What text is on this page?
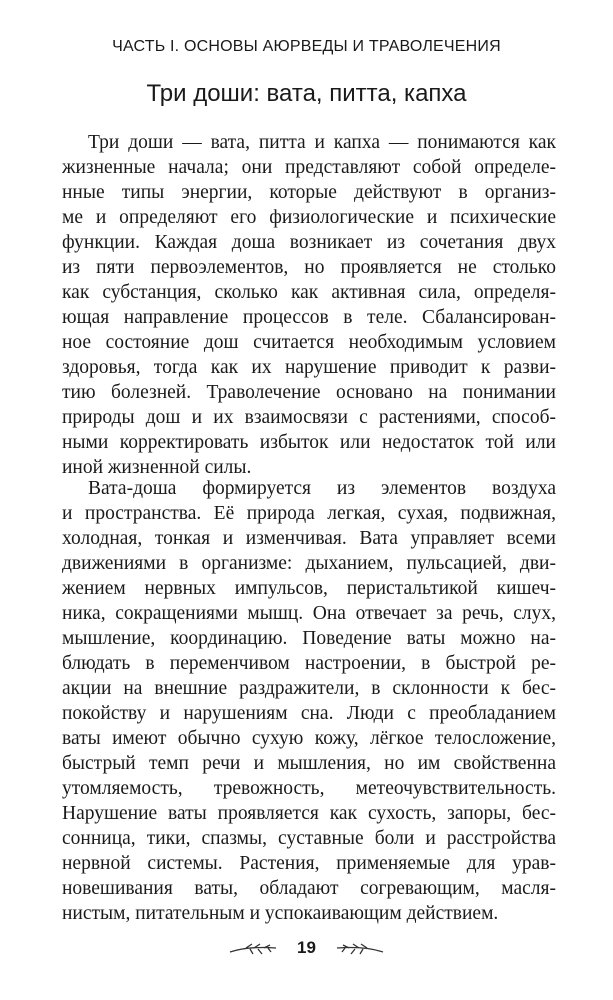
ЧАСТЬ I. ОСНОВЫ АЮРВЕДЫ И ТРАВОЛЕЧЕНИЯ
Три доши: вата, питта, капха
Три доши — вата, питта и капха — понимаются как
жизненные начала; они представляют собой определе-
нные типы энергии, которые действуют в организ-
ме и определяют его физиологические и психические
функции. Каждая доша возникает из сочетания двух
из пяти первоэлементов, но проявляется не столько
как субстанция, сколько как активная сила, определя-
ющая направление процессов в теле. Сбалансирован-
ное состояние дош считается необходимым условием
здоровья, тогда как их нарушение приводит к разви-
тию болезней. Траволечение основано на понимании
природы дош и их взаимосвязи с растениями, способ-
ными корректировать избыток или недостаток той или
иной жизненной силы.
Вата-доша формируется из элементов воздуха
и пространства. Её природа легкая, сухая, подвижная,
холодная, тонкая и изменчивая. Вата управляет всеми
движениями в организме: дыханием, пульсацией, дви-
жением нервных импульсов, перистальтикой кишеч-
ника, сокращениями мышц. Она отвечает за речь, слух,
мышление, координацию. Поведение ваты можно на-
блюдать в переменчивом настроении, в быстрой ре-
акции на внешние раздражители, в склонности к бес-
покойству и нарушениям сна. Люди с преобладанием
ваты имеют обычно сухую кожу, лёгкое телосложение,
быстрый темп речи и мышления, но им свойственна
утомляемость, тревожность, метеочувствительность.
Нарушение ваты проявляется как сухость, запоры, бес-
сонница, тики, спазмы, суставные боли и расстройства
нервной системы. Растения, применяемые для урав-
новешивания ваты, обладают согревающим, масля-
нистым, питательным и успокаивающим действием.
19
